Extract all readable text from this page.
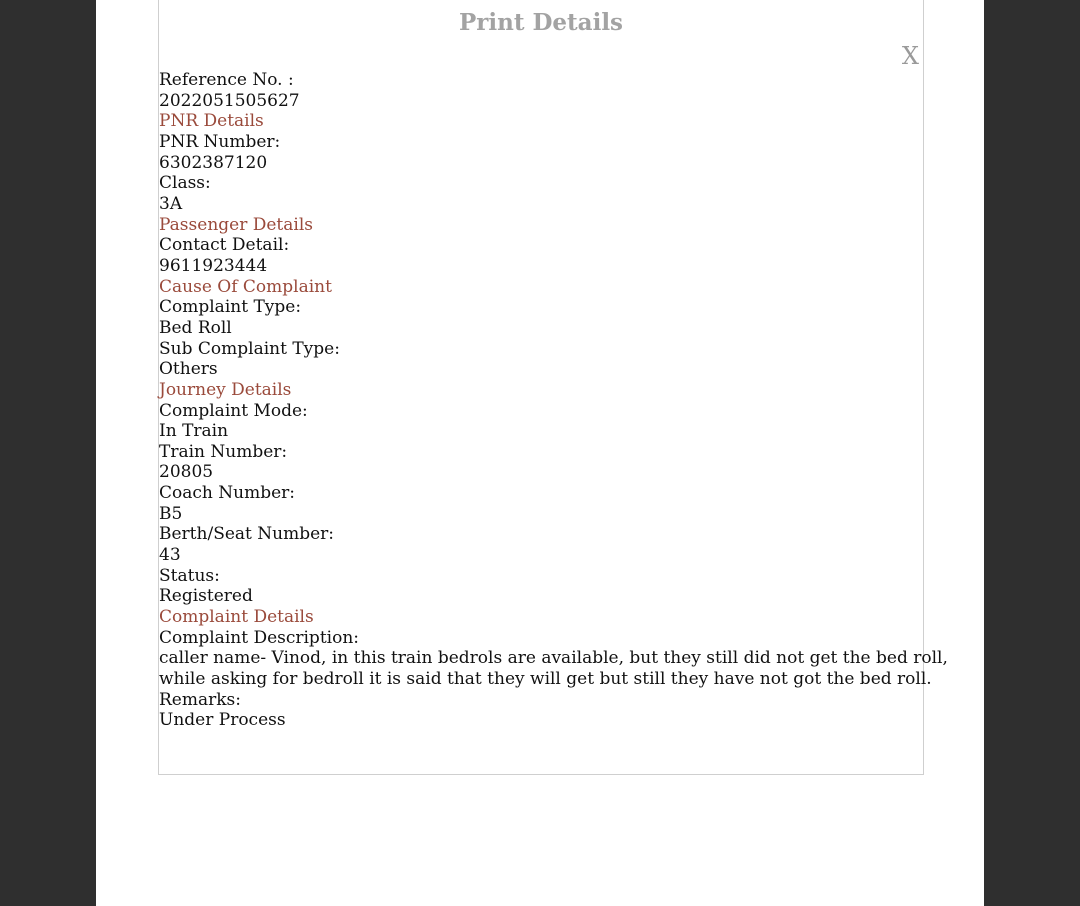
Print Details
X
Reference No. :
2022051505627
PNR Details
PNR Number:
6302387120
Class:
3A
Passenger Details
Contact Detail:
9611923444
Cause Of Complaint
Complaint Type:
Bed Roll
Sub Complaint Type:
Others
Journey Details
Complaint Mode:
In Train
Train Number:
20805
Coach Number:
B5
Berth/Seat Number:
43
Status:
Registered
Complaint Details
Complaint Description:
caller name- Vinod, in this train bedrols are available, but they still did not get the bed roll,
while asking for bedroll it is said that they will get but still they have not got the bed roll.
Remarks:
Under Process
